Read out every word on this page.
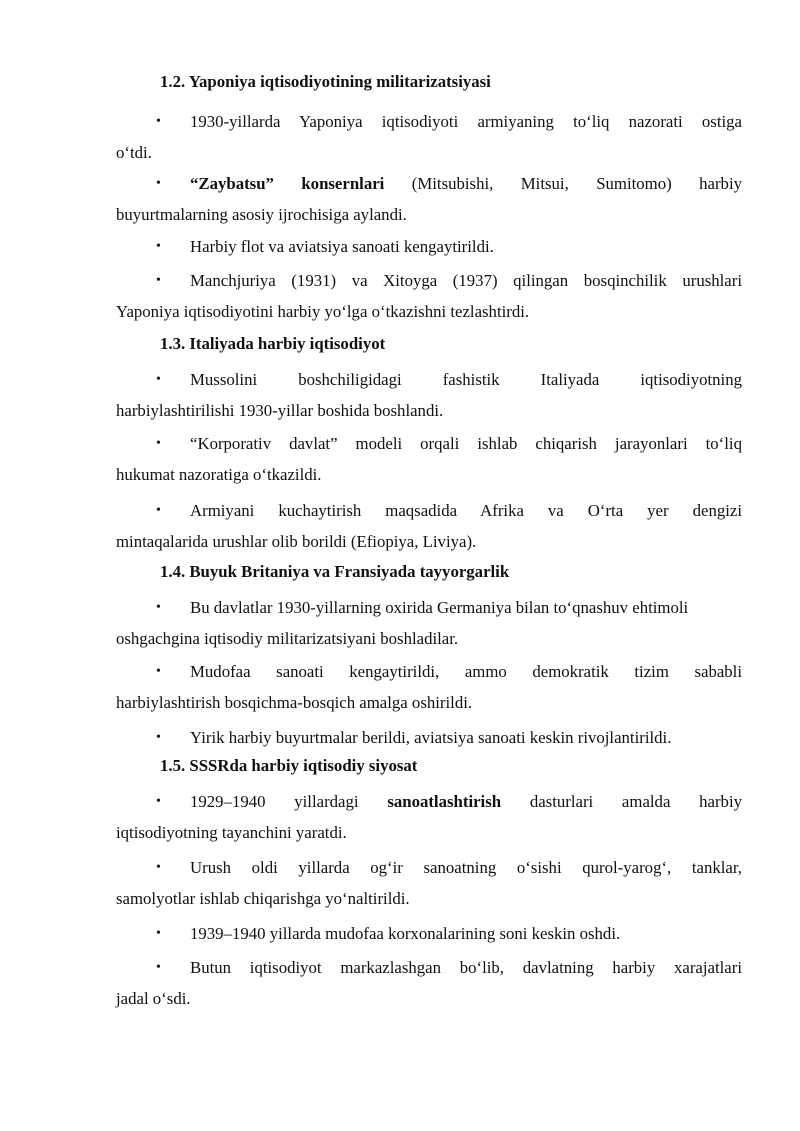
1.2. Yaponiya iqtisodiyotining militarizatsiyasi
•	1930-yillarda Yaponiya iqtisodiyoti armiyaning to‘liq nazorati ostiga
o‘tdi.
•	“Zaybatsu” konsernlari (Mitsubishi, Mitsui, Sumitomo) harbiy
buyurtmalarning asosiy ijrochisiga aylandi.
•	Harbiy flot va aviatsiya sanoati kengaytirildi.
•	Manchjuriya (1931) va Xitoyga (1937) qilingan bosqinchilik urushlari
Yaponiya iqtisodiyotini harbiy yo‘lga o‘tkazishni tezlashtirdi.
1.3. Italiyada harbiy iqtisodiyot
•	Mussolini boshchiligidagi fashistik Italiyada iqtisodiyotning
harbiylashtirilishi 1930-yillar boshida boshlandi.
•	“Korporativ davlat” modeli orqali ishlab chiqarish jarayonlari to‘liq
hukumat nazoratiga o‘tkazildi.
•	Armiyani kuchaytirish maqsadida Afrika va O‘rta yer dengizi
mintaqalarida urushlar olib borildi (Efiopiya, Liviya).
1.4. Buyuk Britaniya va Fransiyada tayyorgarlik
•	Bu davlatlar 1930-yillarning oxirida Germaniya bilan to‘qnashuv ehtimoli
oshgachgina iqtisodiy militarizatsiyani boshladilar.
•	Mudofaa sanoati kengaytirildi, ammo demokratik tizim sababli
harbiylashtirish bosqichma-bosqich amalga oshirildi.
•	Yirik harbiy buyurtmalar berildi, aviatsiya sanoati keskin rivojlantirildi.
1.5. SSSRda harbiy iqtisodiy siyosat
•	1929–1940 yillardagi sanoatlashtirish dasturlari amalda harbiy
iqtisodiyotning tayanchini yaratdi.
•	Urush oldi yillarda og‘ir sanoatning o‘sishi qurol-yarog‘, tanklar,
samolyotlar ishlab chiqarishga yo‘naltirildi.
•	1939–1940 yillarda mudofaa korxonalarining soni keskin oshdi.
•	Butun iqtisodiyot markazlashgan bo‘lib, davlatning harbiy xarajatlari
jadal o‘sdi.
